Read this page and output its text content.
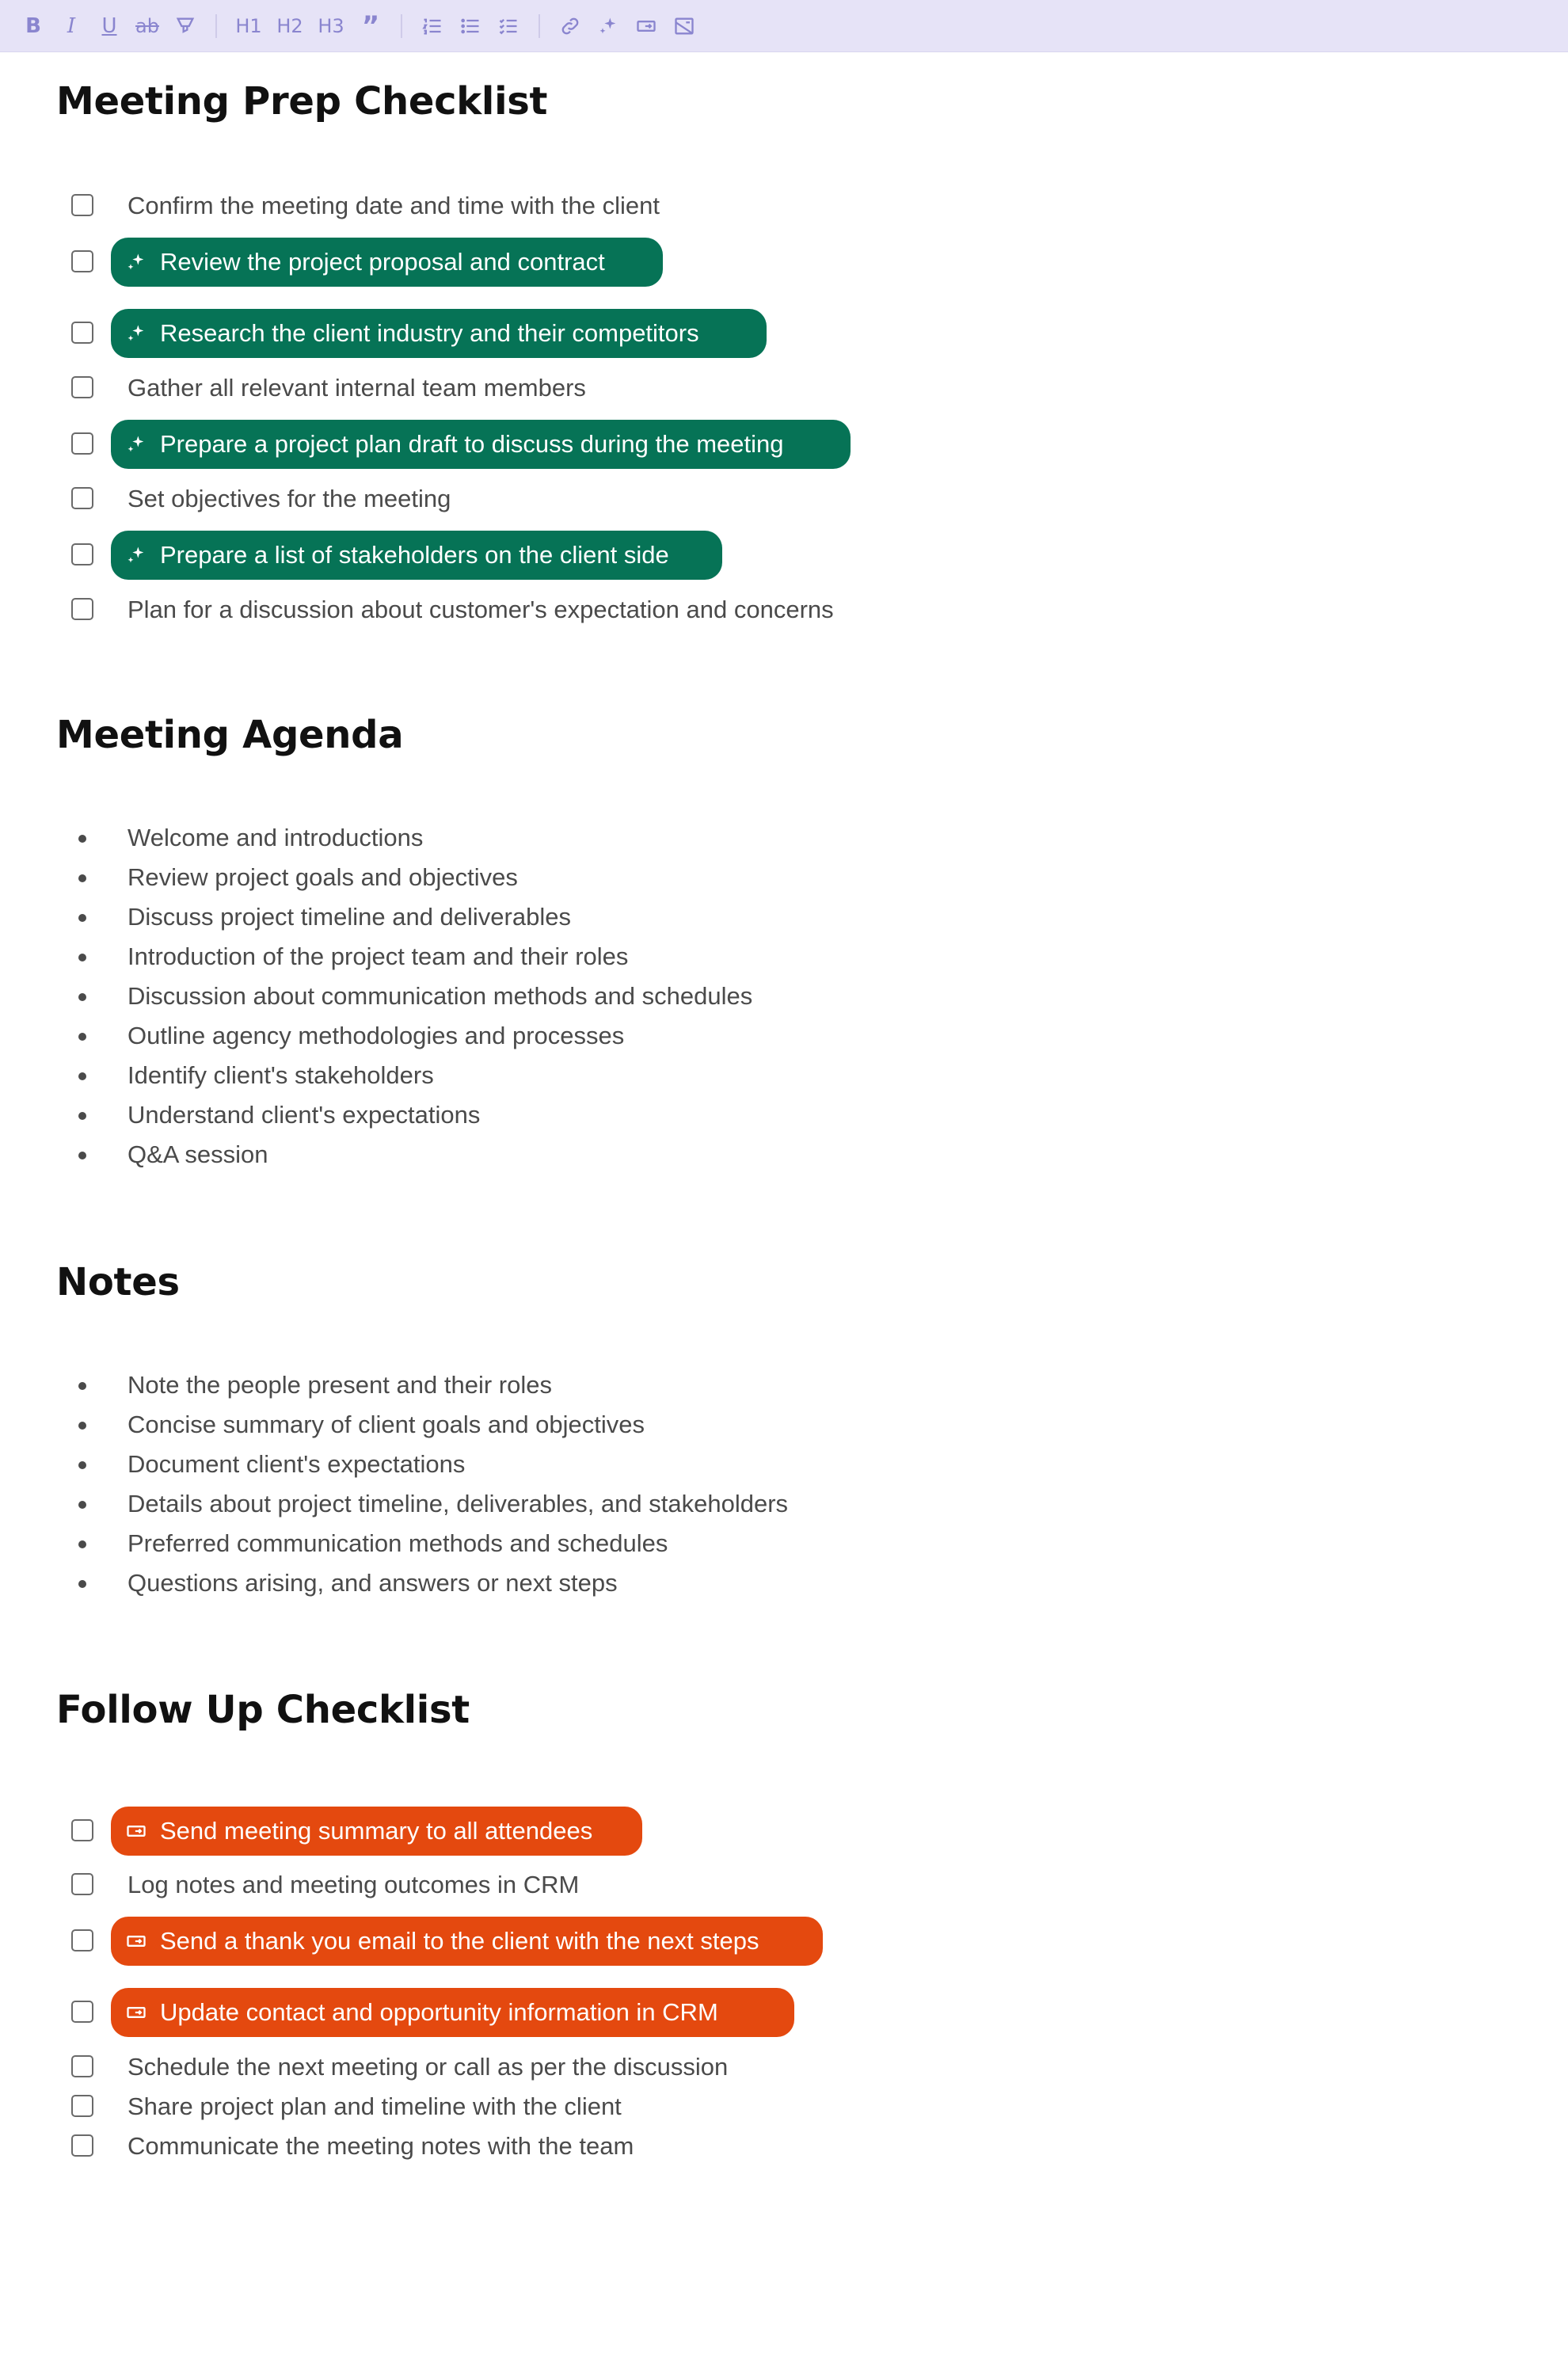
B	I	U ab	H1 H2 H3 ”
Meeting Prep Checklist
Confirm the meeting date and time with the client
Review the project proposal and contract
Research the client industry and their competitors
Gather all relevant internal team members
Prepare a project plan draft to discuss during the meeting
Set objectives for the meeting
Prepare a list of stakeholders on the client side
Plan for a discussion about customer's expectation and concerns
Meeting Agenda
Welcome and introductions
Review project goals and objectives
Discuss project timeline and deliverables
Introduction of the project team and their roles
Discussion about communication methods and schedules
Outline agency methodologies and processes
Identify client's stakeholders
Understand client's expectations
Q&A session
Notes
Note the people present and their roles
Concise summary of client goals and objectives
Document client's expectations
Details about project timeline, deliverables, and stakeholders
Preferred communication methods and schedules
Questions arising, and answers or next steps
Follow Up Checklist
Send meeting summary to all attendees
Log notes and meeting outcomes in CRM
Send a thank you email to the client with the next steps
Update contact and opportunity information in CRM
Schedule the next meeting or call as per the discussion
Share project plan and timeline with the client
Communicate the meeting notes with the team
